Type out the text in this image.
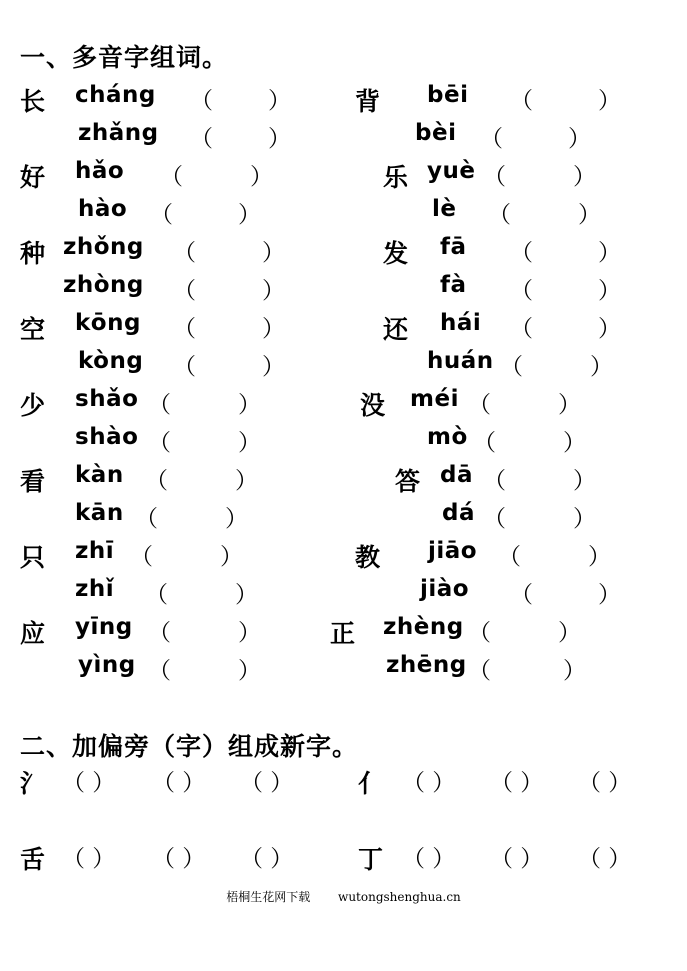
一、多音字组词。
长 cháng （ ）	背 bēi （	）
zhǎng （ ）	bèi （	）
好 hǎo （	）	乐 yuè （	）
hào （	）	lè （	）
种 zhǒng （	）	发 fā （	）
zhòng （	）	fà （	）
空 kōng （	）	还 hái （	）
kòng （	）	huán （	）
少 shǎo （	）	没 méi （	）
shào （	）	mò （	）
看 kàn （	）	答 dā （	）
kān （	）	dá （	）
只 zhī （	）	教 jiāo （	）
zhǐ （	）	jiào （	）
应 yīng （	）	正 zhèng （	）
yìng （	）	zhēng （	）
二、加偏旁（字）组成新字。
氵 （ ） （ ） （ ）	亻 （ ） （ ） （ ）
舌 （ ） （ ） （ ）	丁 （ ） （ ） （ ）
梧桐生花网下载 wutongshenghua.cn
